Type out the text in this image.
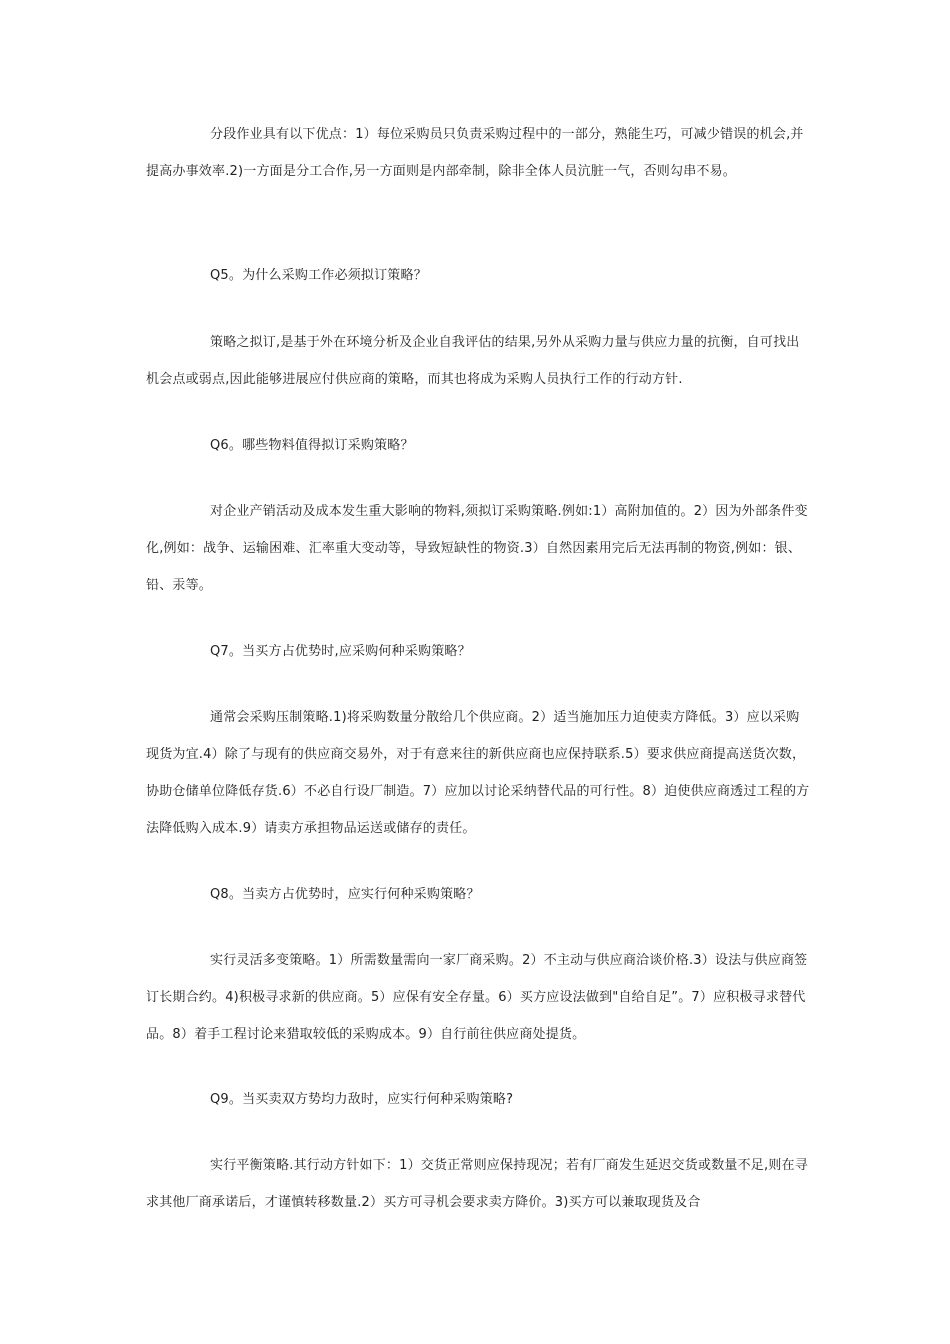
分段作业具有以下优点：1）每位采购员只负责采购过程中的一部分，熟能生巧，可减少错误的机会,并提高办事效率.2)一方面是分工合作,另一方面则是内部牵制，除非全体人员沆脏一气，否则勾串不易。

Q5。为什么采购工作必须拟订策略？

策略之拟订,是基于外在环境分析及企业自我评估的结果,另外从采购力量与供应力量的抗衡，自可找出机会点或弱点,因此能够进展应付供应商的策略，而其也将成为采购人员执行工作的行动方针.

Q6。哪些物料值得拟订采购策略？

对企业产销活动及成本发生重大影响的物料,须拟订采购策略.例如:1）高附加值的。2）因为外部条件变化,例如：战争、运输困难、汇率重大变动等，导致短缺性的物资.3）自然因素用完后无法再制的物资,例如：银、铅、汞等。

Q7。当买方占优势时,应采购何种采购策略？

通常会采购压制策略.1)将采购数量分散给几个供应商。2）适当施加压力迫使卖方降低。3）应以采购现货为宜.4）除了与现有的供应商交易外，对于有意来往的新供应商也应保持联系.5）要求供应商提高送货次数，协助仓储单位降低存货.6）不必自行设厂制造。7）应加以讨论采纳替代品的可行性。8）迫使供应商透过工程的方法降低购入成本.9）请卖方承担物品运送或储存的责任。

Q8。当卖方占优势时，应实行何种采购策略？

实行灵活多变策略。1）所需数量需向一家厂商采购。2）不主动与供应商洽谈价格.3）设法与供应商签订长期合约。4)积极寻求新的供应商。5）应保有安全存量。6）买方应设法做到"自给自足”。7）应积极寻求替代品。8）着手工程讨论来猎取较低的采购成本。9）自行前往供应商处提货。

Q9。当买卖双方势均力敌时，应实行何种采购策略?

实行平衡策略.其行动方针如下：1）交货正常则应保持现况；若有厂商发生延迟交货或数量不足,则在寻求其他厂商承诺后，才谨慎转移数量.2）买方可寻机会要求卖方降价。3)买方可以兼取现货及合
